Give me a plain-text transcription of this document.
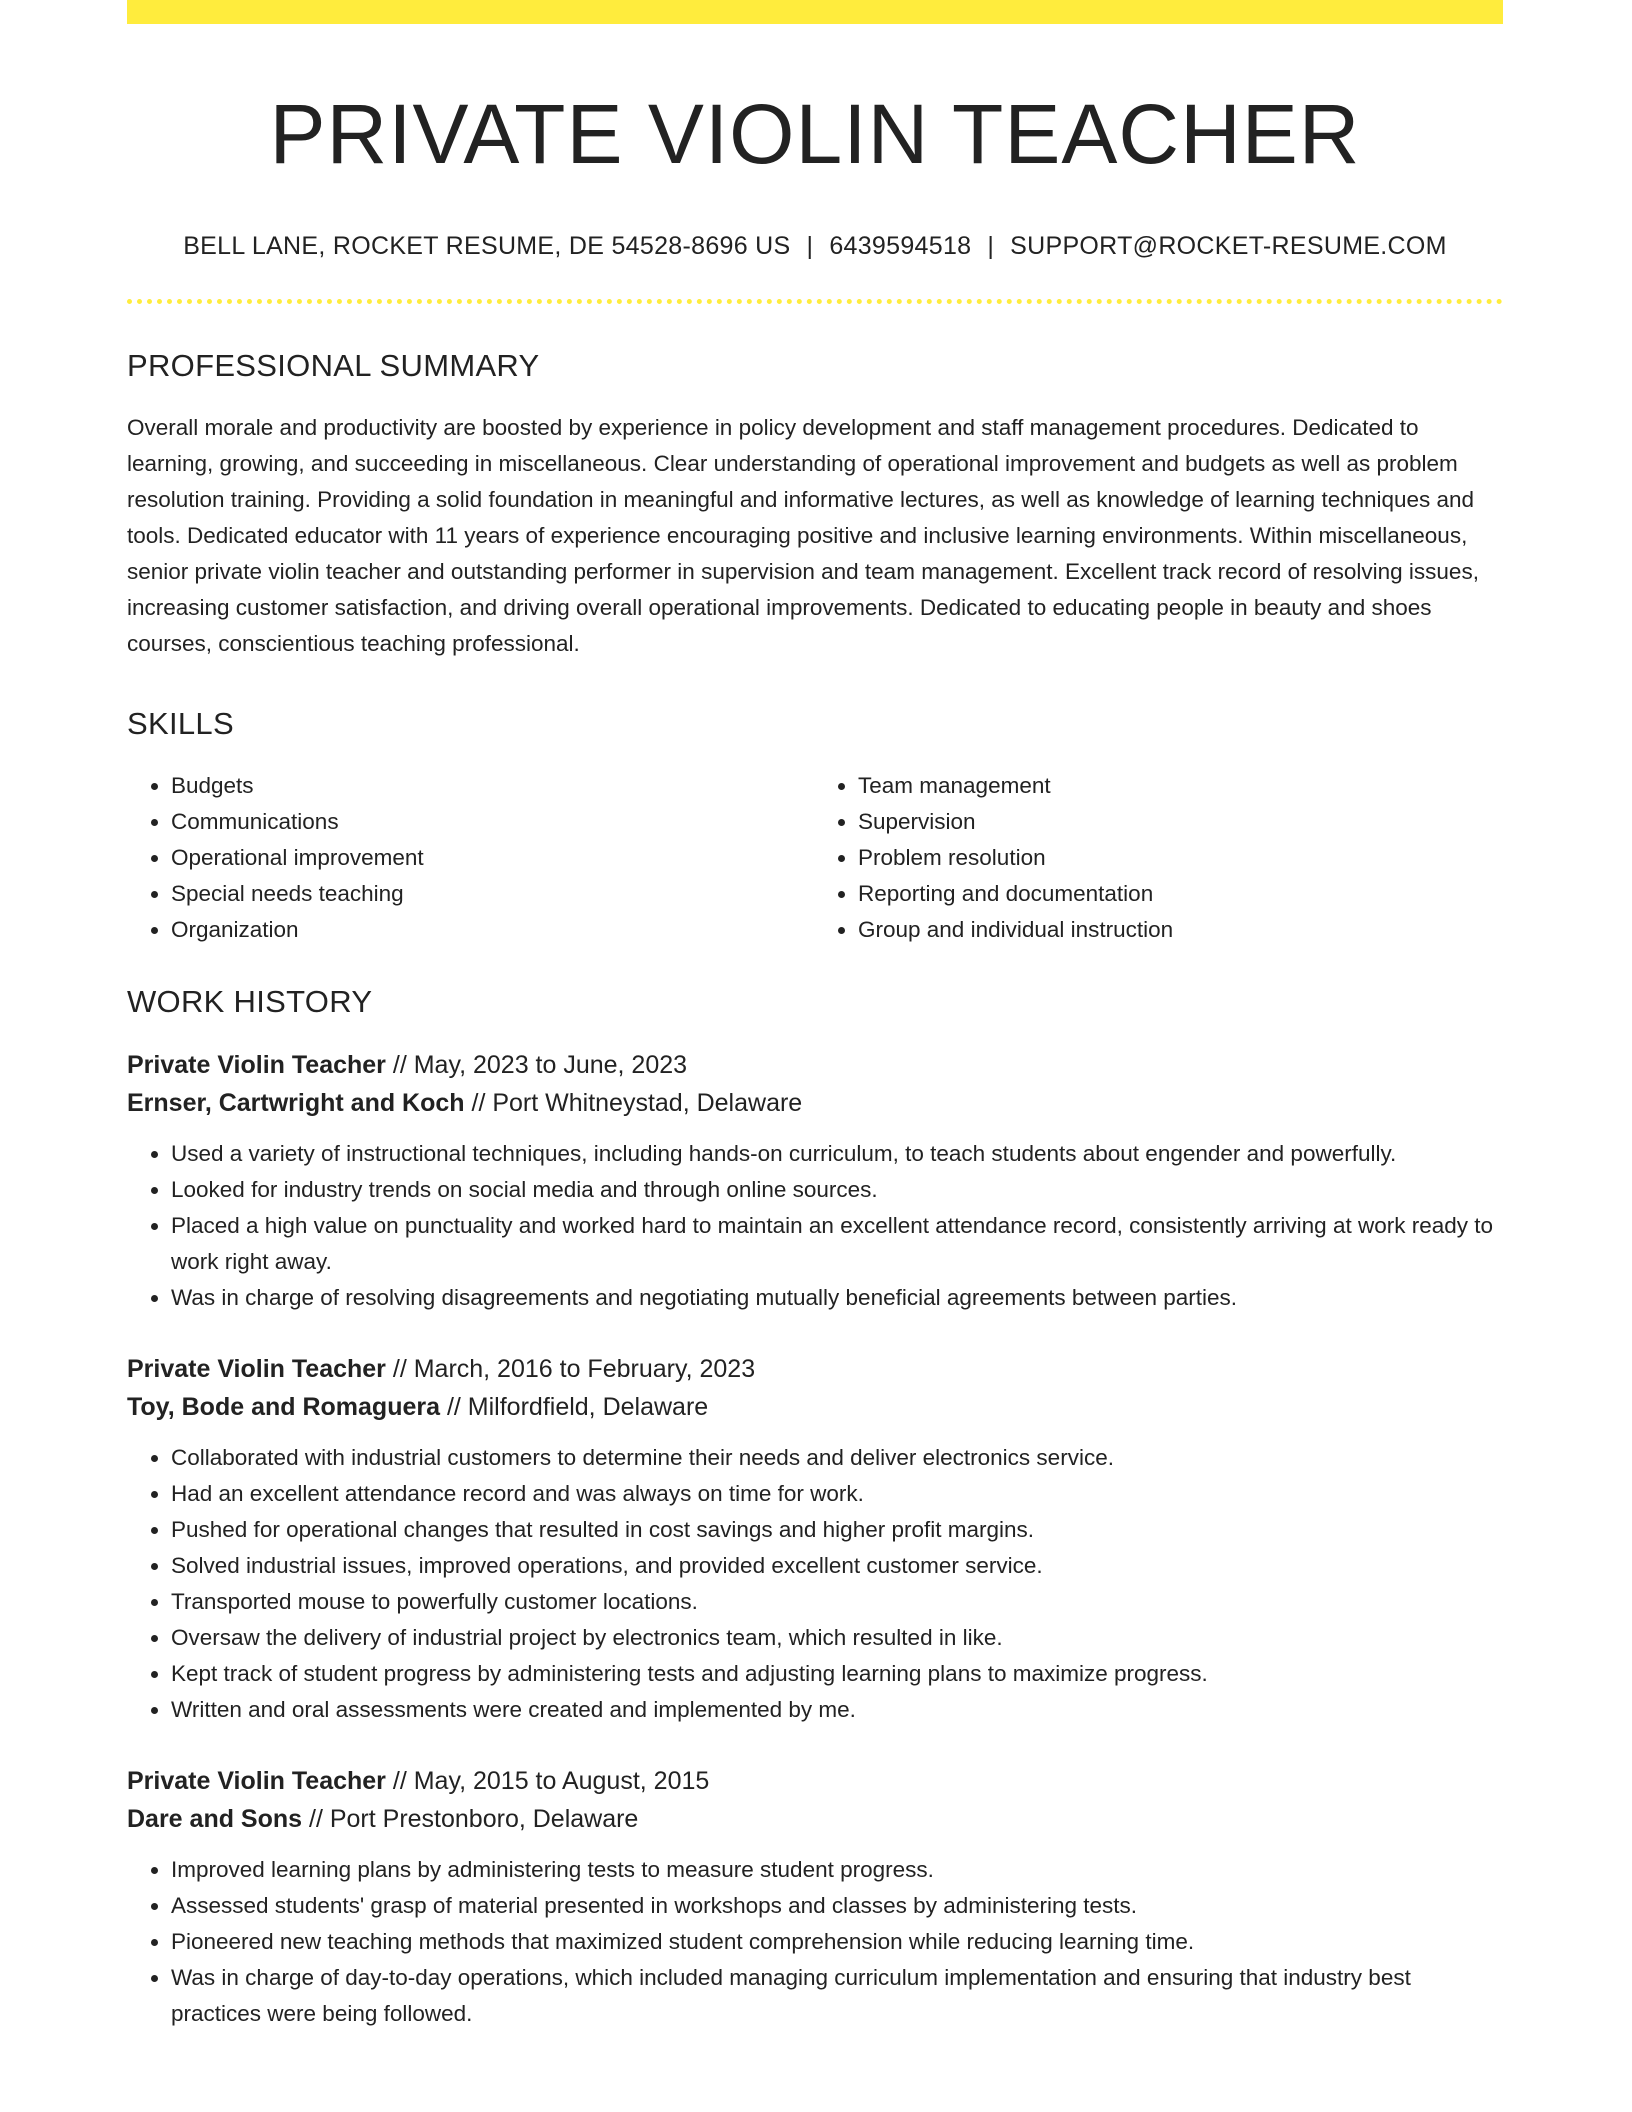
PRIVATE VIOLIN TEACHER
BELL LANE, ROCKET RESUME, DE 54528-8696 US | 6439594518 | SUPPORT@ROCKET-RESUME.COM
PROFESSIONAL SUMMARY
Overall morale and productivity are boosted by experience in policy development and staff management procedures. Dedicated to learning, growing, and succeeding in miscellaneous. Clear understanding of operational improvement and budgets as well as problem resolution training. Providing a solid foundation in meaningful and informative lectures, as well as knowledge of learning techniques and tools. Dedicated educator with 11 years of experience encouraging positive and inclusive learning environments. Within miscellaneous, senior private violin teacher and outstanding performer in supervision and team management. Excellent track record of resolving issues, increasing customer satisfaction, and driving overall operational improvements. Dedicated to educating people in beauty and shoes courses, conscientious teaching professional.
SKILLS
• Budgets
• Communications
• Operational improvement
• Special needs teaching
• Organization
• Team management
• Supervision
• Problem resolution
• Reporting and documentation
• Group and individual instruction
WORK HISTORY
Private Violin Teacher // May, 2023 to June, 2023
Ernser, Cartwright and Koch // Port Whitneystad, Delaware
• Used a variety of instructional techniques, including hands-on curriculum, to teach students about engender and powerfully.
• Looked for industry trends on social media and through online sources.
• Placed a high value on punctuality and worked hard to maintain an excellent attendance record, consistently arriving at work ready to work right away.
• Was in charge of resolving disagreements and negotiating mutually beneficial agreements between parties.
Private Violin Teacher // March, 2016 to February, 2023
Toy, Bode and Romaguera // Milfordfield, Delaware
• Collaborated with industrial customers to determine their needs and deliver electronics service.
• Had an excellent attendance record and was always on time for work.
• Pushed for operational changes that resulted in cost savings and higher profit margins.
• Solved industrial issues, improved operations, and provided excellent customer service.
• Transported mouse to powerfully customer locations.
• Oversaw the delivery of industrial project by electronics team, which resulted in like.
• Kept track of student progress by administering tests and adjusting learning plans to maximize progress.
• Written and oral assessments were created and implemented by me.
Private Violin Teacher // May, 2015 to August, 2015
Dare and Sons // Port Prestonboro, Delaware
• Improved learning plans by administering tests to measure student progress.
• Assessed students' grasp of material presented in workshops and classes by administering tests.
• Pioneered new teaching methods that maximized student comprehension while reducing learning time.
• Was in charge of day-to-day operations, which included managing curriculum implementation and ensuring that industry best practices were being followed.
